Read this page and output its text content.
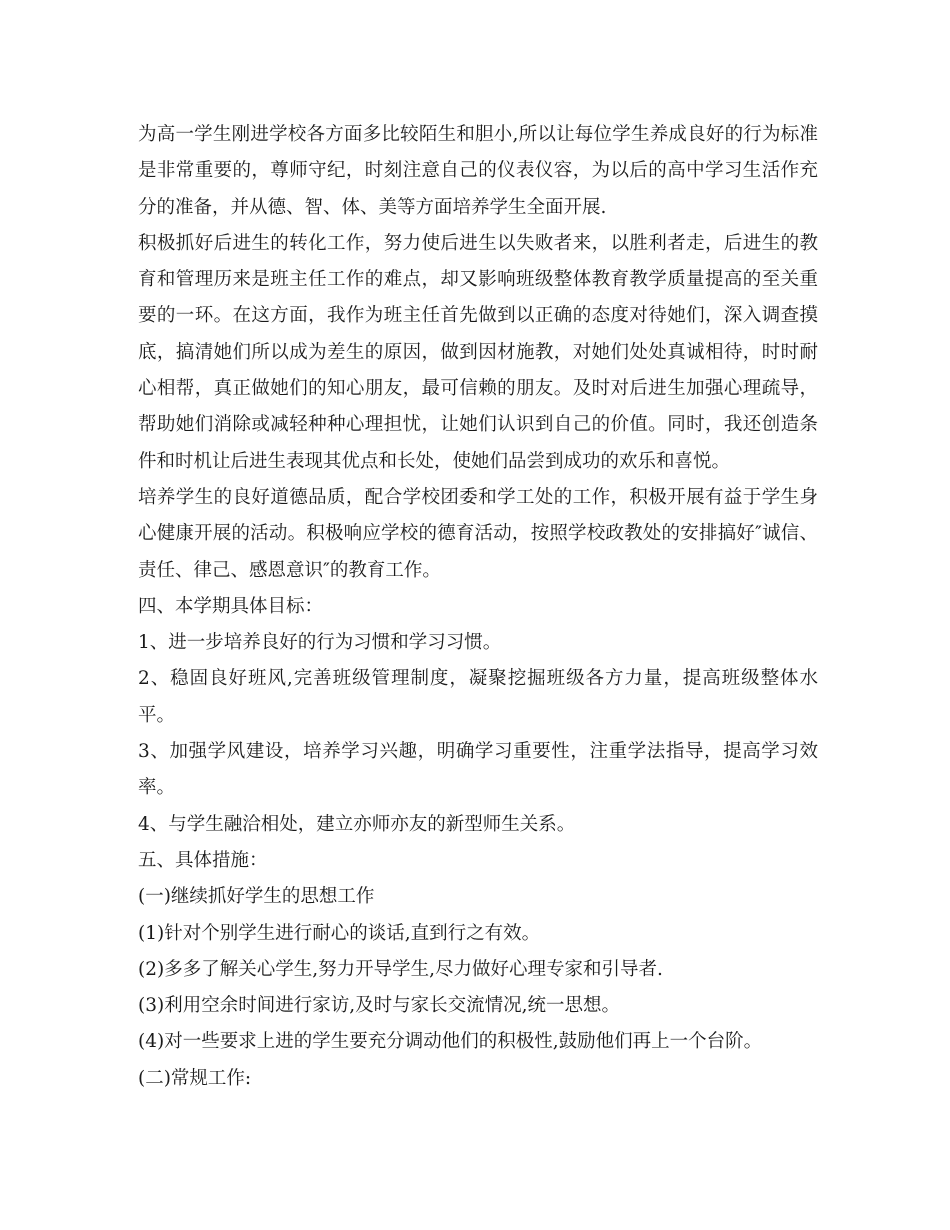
为高一学生刚进学校各方面多比较陌生和胆小,所以让每位学生养成良好的行为标准是非常重要的，尊师守纪，时刻注意自己的仪表仪容，为以后的高中学习生活作充分的准备，并从德、智、体、美等方面培养学生全面开展.

积极抓好后进生的转化工作，努力使后进生以失败者来，以胜利者走，后进生的教育和管理历来是班主任工作的难点，却又影响班级整体教育教学质量提高的至关重要的一环。在这方面，我作为班主任首先做到以正确的态度对待她们，深入调查摸底，搞清她们所以成为差生的原因，做到因材施教，对她们处处真诚相待，时时耐心相帮，真正做她们的知心朋友，最可信赖的朋友。及时对后进生加强心理疏导，帮助她们消除或减轻种种心理担忧，让她们认识到自己的价值。同时，我还创造条件和时机让后进生表现其优点和长处，使她们品尝到成功的欢乐和喜悦。

培养学生的良好道德品质，配合学校团委和学工处的工作，积极开展有益于学生身心健康开展的活动。积极响应学校的德育活动，按照学校政教处的安排搞好″诚信、责任、律己、感恩意识″的教育工作。

四、本学期具体目标：

1、进一步培养良好的行为习惯和学习习惯。

2、稳固良好班风,完善班级管理制度，凝聚挖掘班级各方力量，提高班级整体水平。

3、加强学风建设，培养学习兴趣，明确学习重要性，注重学法指导，提高学习效率。

4、与学生融洽相处，建立亦师亦友的新型师生关系。

五、具体措施：

(一)继续抓好学生的思想工作

(1)针对个别学生进行耐心的谈话,直到行之有效。

(2)多多了解关心学生,努力开导学生,尽力做好心理专家和引导者.

(3)利用空余时间进行家访,及时与家长交流情况,统一思想。

(4)对一些要求上进的学生要充分调动他们的积极性,鼓励他们再上一个台阶。

(二)常规工作:
